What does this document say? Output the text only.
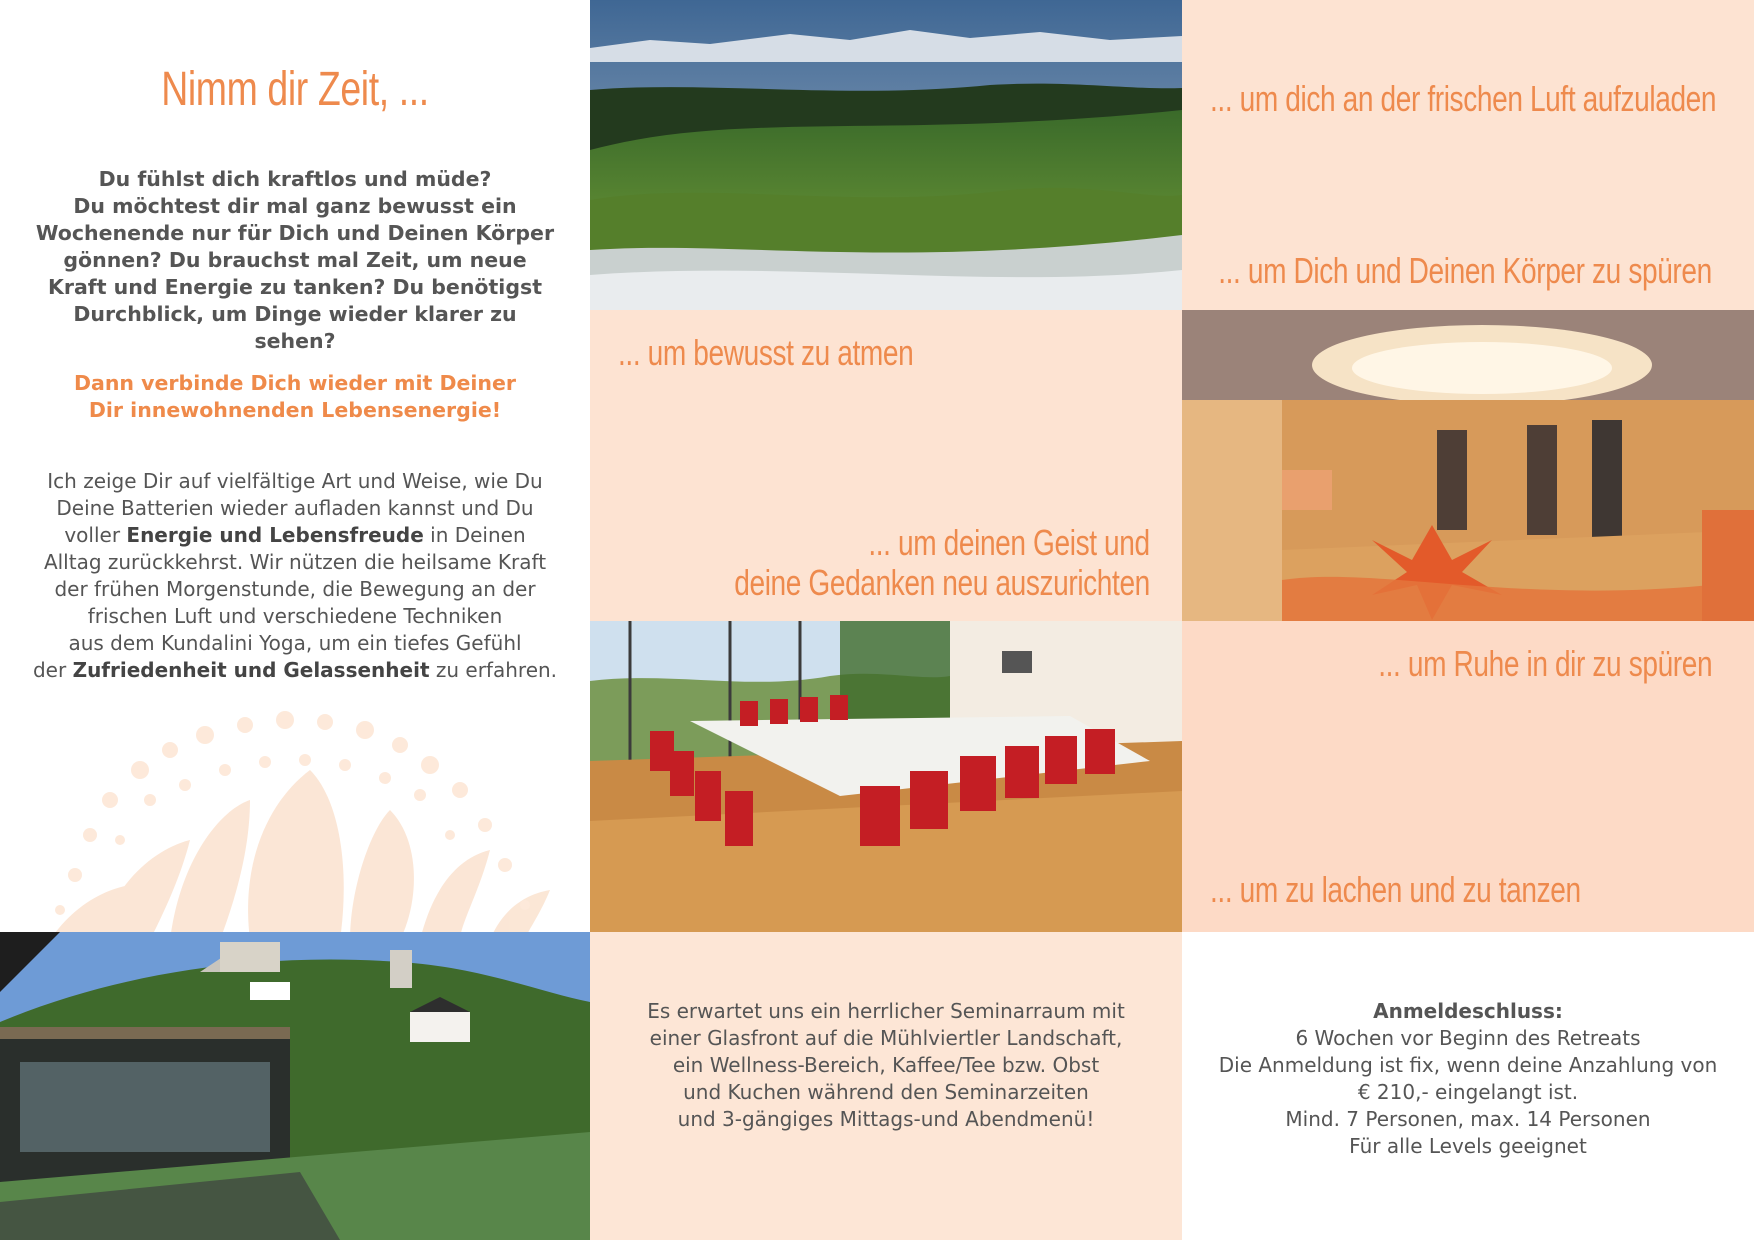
Nimm dir Zeit, ...
Du fühlst dich kraftlos und müde?
Du möchtest dir mal ganz bewusst ein
Wochenende nur für Dich und Deinen Körper
gönnen? Du brauchst mal Zeit, um neue
Kraft und Energie zu tanken? Du benötigst
Durchblick, um Dinge wieder klarer zu sehen?
Dann verbinde Dich wieder mit Deiner
Dir innewohnenden Lebensenergie!
Ich zeige Dir auf vielfältige Art und Weise, wie Du
Deine Batterien wieder aufladen kannst und Du
voller Energie und Lebensfreude in Deinen
Alltag zurückkehrst. Wir nützen die heilsame Kraft
der frühen Morgenstunde, die Bewegung an der
frischen Luft und verschiedene Techniken
aus dem Kundalini Yoga, um ein tiefes Gefühl
der Zufriedenheit und Gelassenheit zu erfahren.
... um dich an der frischen Luft aufzuladen
... um Dich und Deinen Körper zu spüren
... um bewusst zu atmen
... um deinen Geist und
deine Gedanken neu auszurichten
... um Ruhe in dir zu spüren
... um zu lachen und zu tanzen
Es erwartet uns ein herrlicher Seminarraum mit
einer Glasfront auf die Mühlviertler Landschaft,
ein Wellness-Bereich, Kaffee/Tee bzw. Obst
und Kuchen während den Seminarzeiten
und 3-gängiges Mittags-und Abendmenü!
Anmeldeschluss:
6 Wochen vor Beginn des Retreats
Die Anmeldung ist fix, wenn deine Anzahlung von
€ 210,- eingelangt ist.
Mind. 7 Personen, max. 14 Personen
Für alle Levels geeignet
